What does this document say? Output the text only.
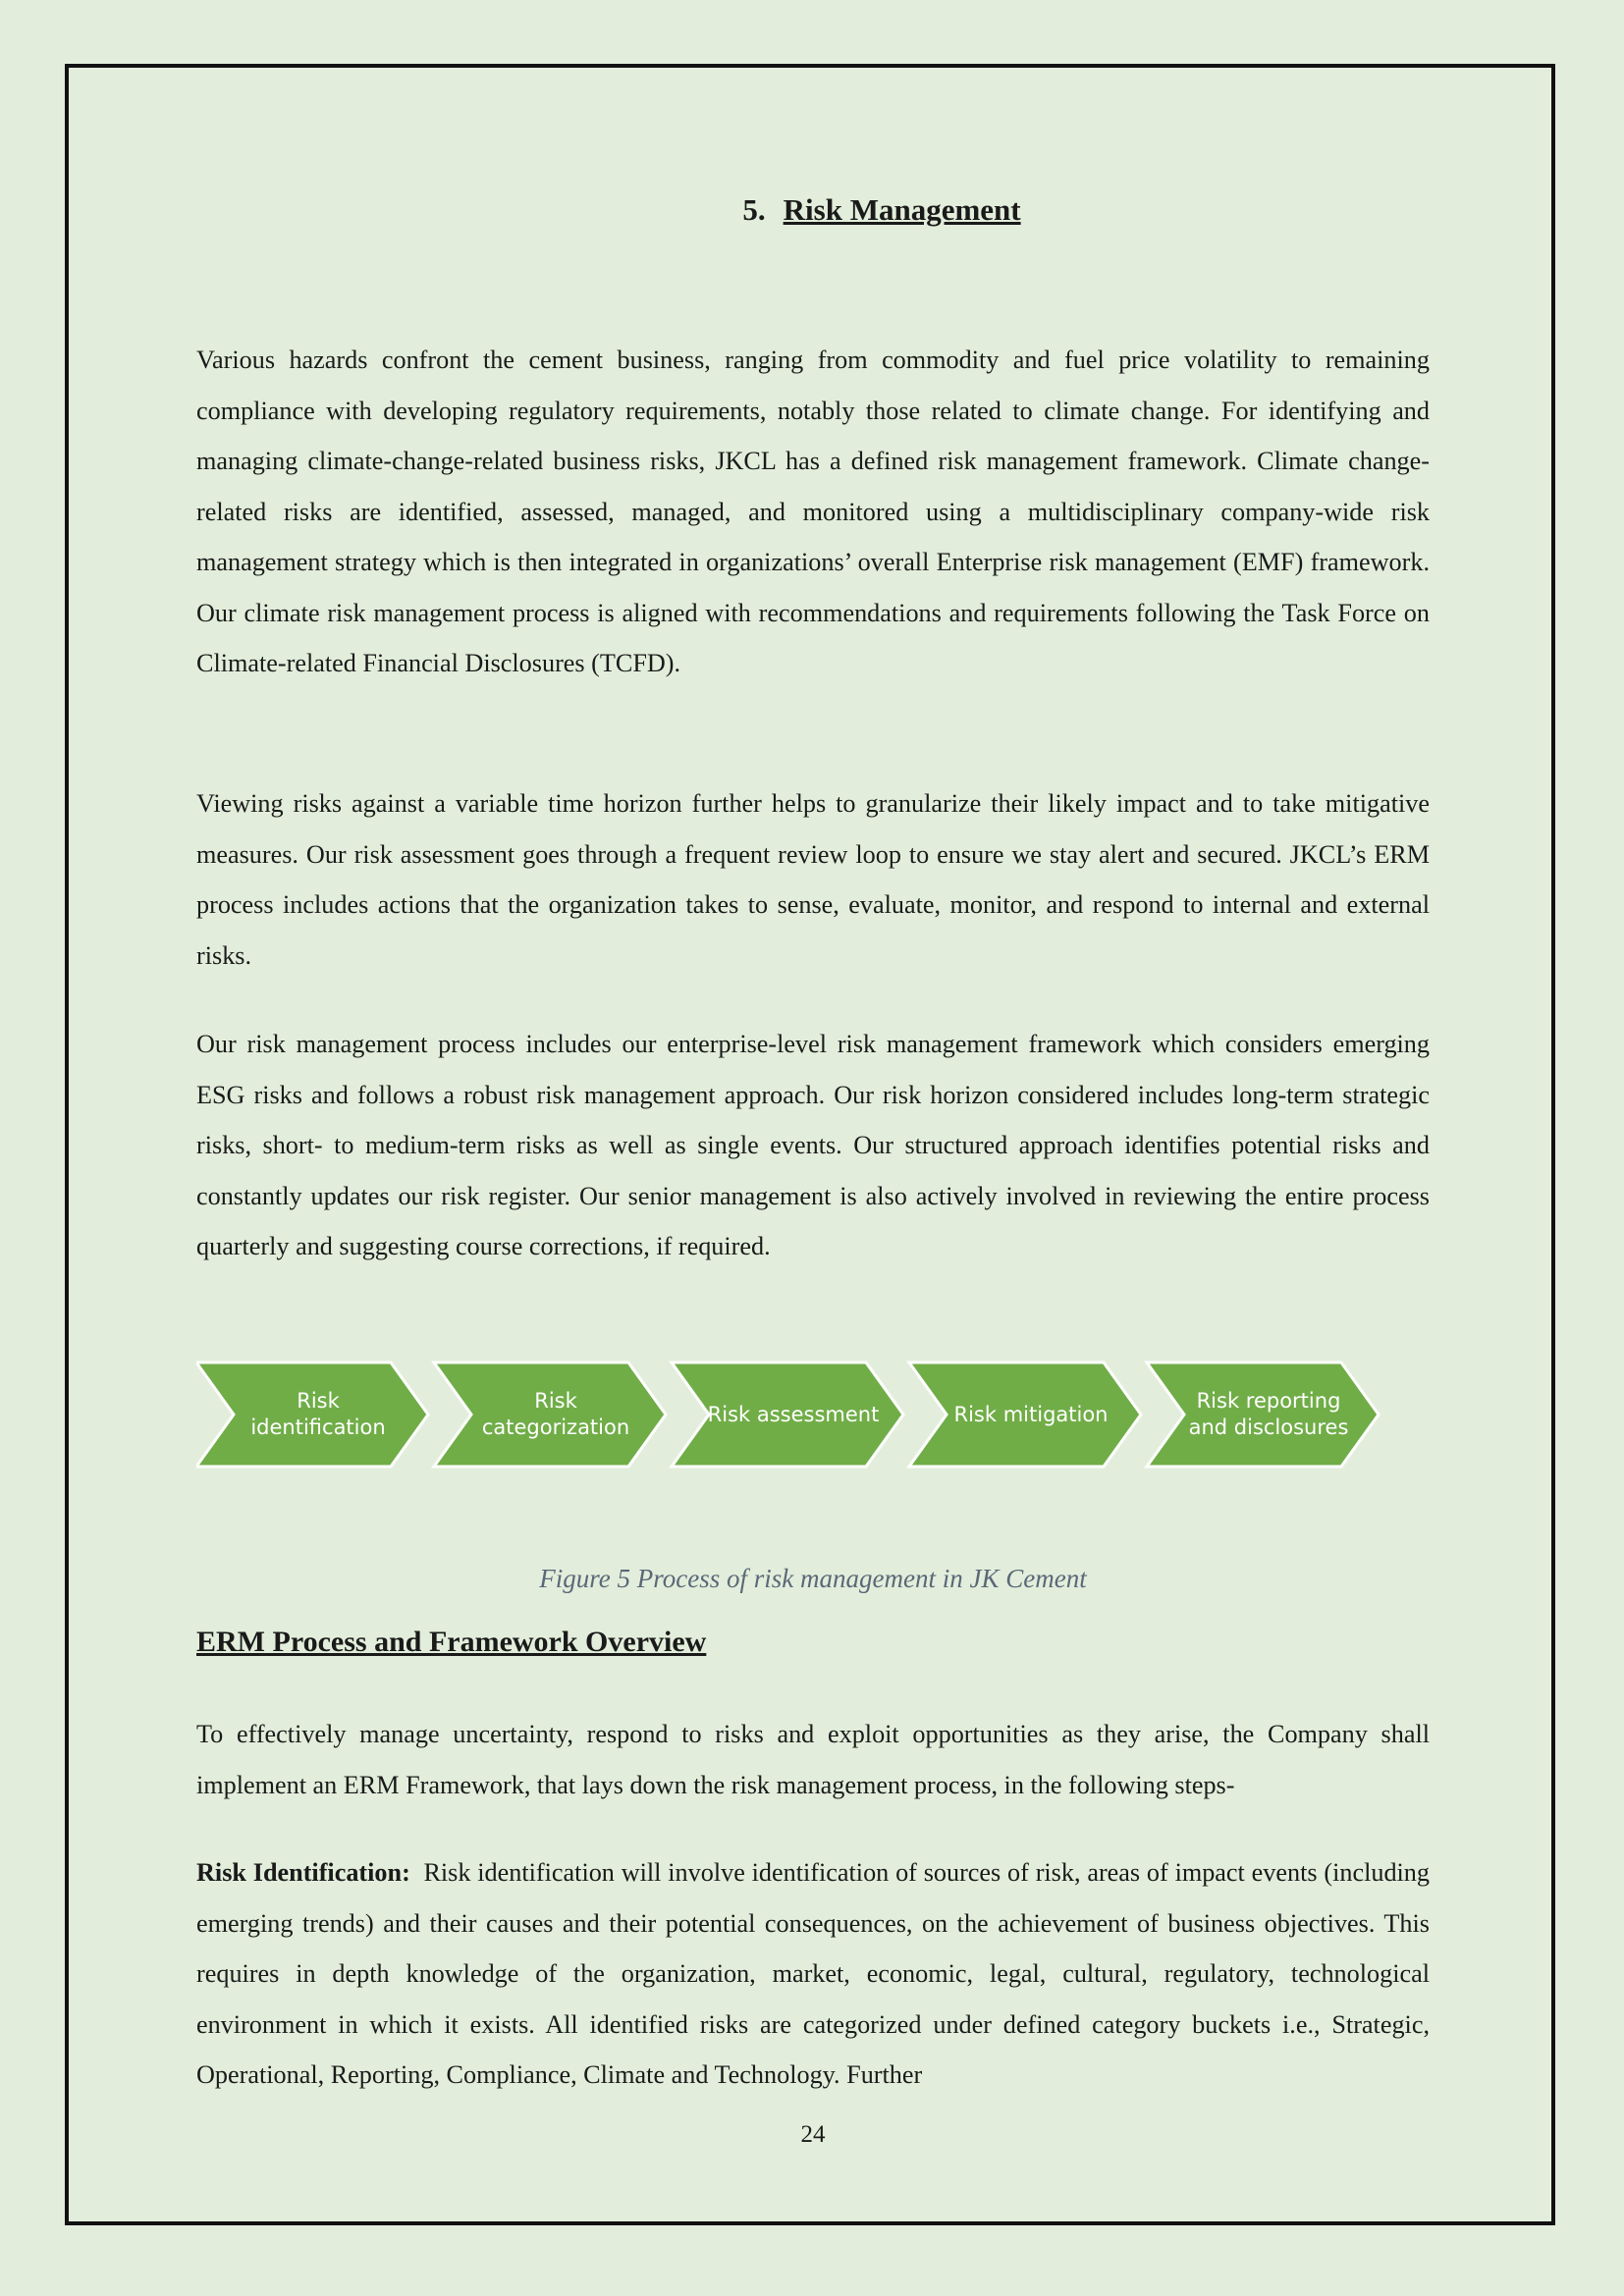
5. Risk Management

Various hazards confront the cement business, ranging from commodity and fuel price volatility to remaining compliance with developing regulatory requirements, notably those related to climate change. For identifying and managing climate-change-related business risks, JKCL has a defined risk management framework. Climate change-related risks are identified, assessed, managed, and monitored using a multidisciplinary company-wide risk management strategy which is then integrated in organizations’ overall Enterprise risk management (EMF) framework. Our climate risk management process is aligned with recommendations and requirements following the Task Force on Climate-related Financial Disclosures (TCFD).

Viewing risks against a variable time horizon further helps to granularize their likely impact and to take mitigative measures. Our risk assessment goes through a frequent review loop to ensure we stay alert and secured. JKCL’s ERM process includes actions that the organization takes to sense, evaluate, monitor, and respond to internal and external risks.

Our risk management process includes our enterprise-level risk management framework which considers emerging ESG risks and follows a robust risk management approach. Our risk horizon considered includes long-term strategic risks, short- to medium-term risks as well as single events. Our structured approach identifies potential risks and constantly updates our risk register. Our senior management is also actively involved in reviewing the entire process quarterly and suggesting course corrections, if required.

Figure 5 Process of risk management in JK Cement
ERM Process and Framework Overview

To effectively manage uncertainty, respond to risks and exploit opportunities as they arise, the Company shall implement an ERM Framework, that lays down the risk management process, in the following steps-

Risk Identification: Risk identification will involve identification of sources of risk, areas of impact events (including emerging trends) and their causes and their potential consequences, on the achievement of business objectives. This requires in depth knowledge of the organization, market, economic, legal, cultural, regulatory, technological environment in which it exists. All identified risks are categorized under defined category buckets i.e., Strategic, Operational, Reporting, Compliance, Climate and Technology. Further

24
Risk identification
Risk categorization
Risk assessment	Risk mitigation
Risk reporting and disclosures
